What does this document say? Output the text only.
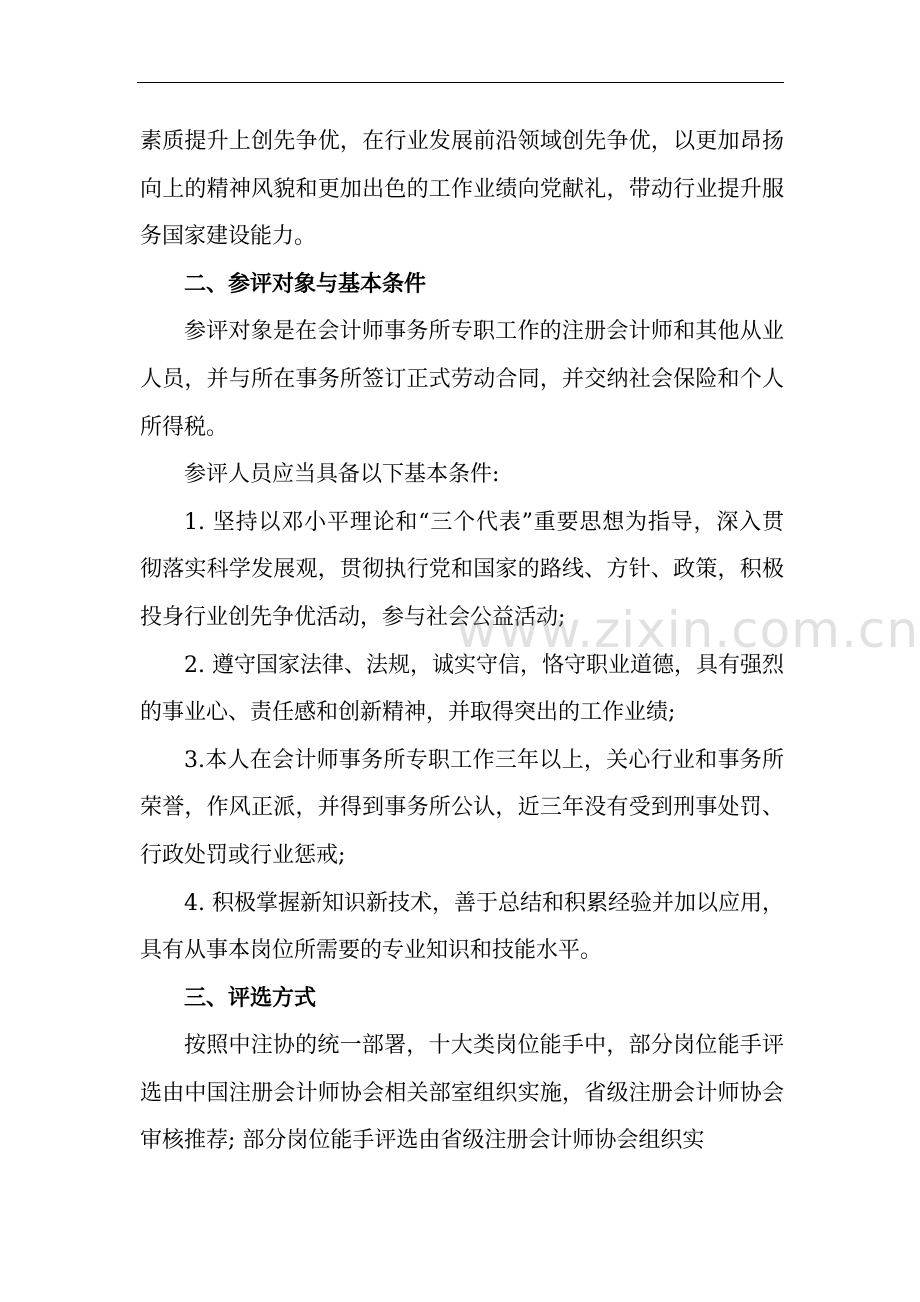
素质提升上创先争优，在行业发展前沿领域创先争优，以更加昂扬向上的精神风貌和更加出色的工作业绩向党献礼，带动行业提升服务国家建设能力。

二、参评对象与基本条件

参评对象是在会计师事务所专职工作的注册会计师和其他从业人员，并与所在事务所签订正式劳动合同，并交纳社会保险和个人所得税。

参评人员应当具备以下基本条件:

1. 坚持以邓小平理论和“三个代表”重要思想为指导，深入贯彻落实科学发展观，贯彻执行党和国家的路线、方针、政策，积极投身行业创先争优活动，参与社会公益活动;

2. 遵守国家法律、法规，诚实守信，恪守职业道德，具有强烈的事业心、责任感和创新精神，并取得突出的工作业绩;

3.本人在会计师事务所专职工作三年以上，关心行业和事务所荣誉，作风正派，并得到事务所公认，近三年没有受到刑事处罚、行政处罚或行业惩戒;

4. 积极掌握新知识新技术，善于总结和积累经验并加以应用，具有从事本岗位所需要的专业知识和技能水平。

三、评选方式

按照中注协的统一部署，十大类岗位能手中，部分岗位能手评选由中国注册会计师协会相关部室组织实施，省级注册会计师协会审核推荐; 部分岗位能手评选由省级注册会计师协会组织实

www.zixin.com.cn
